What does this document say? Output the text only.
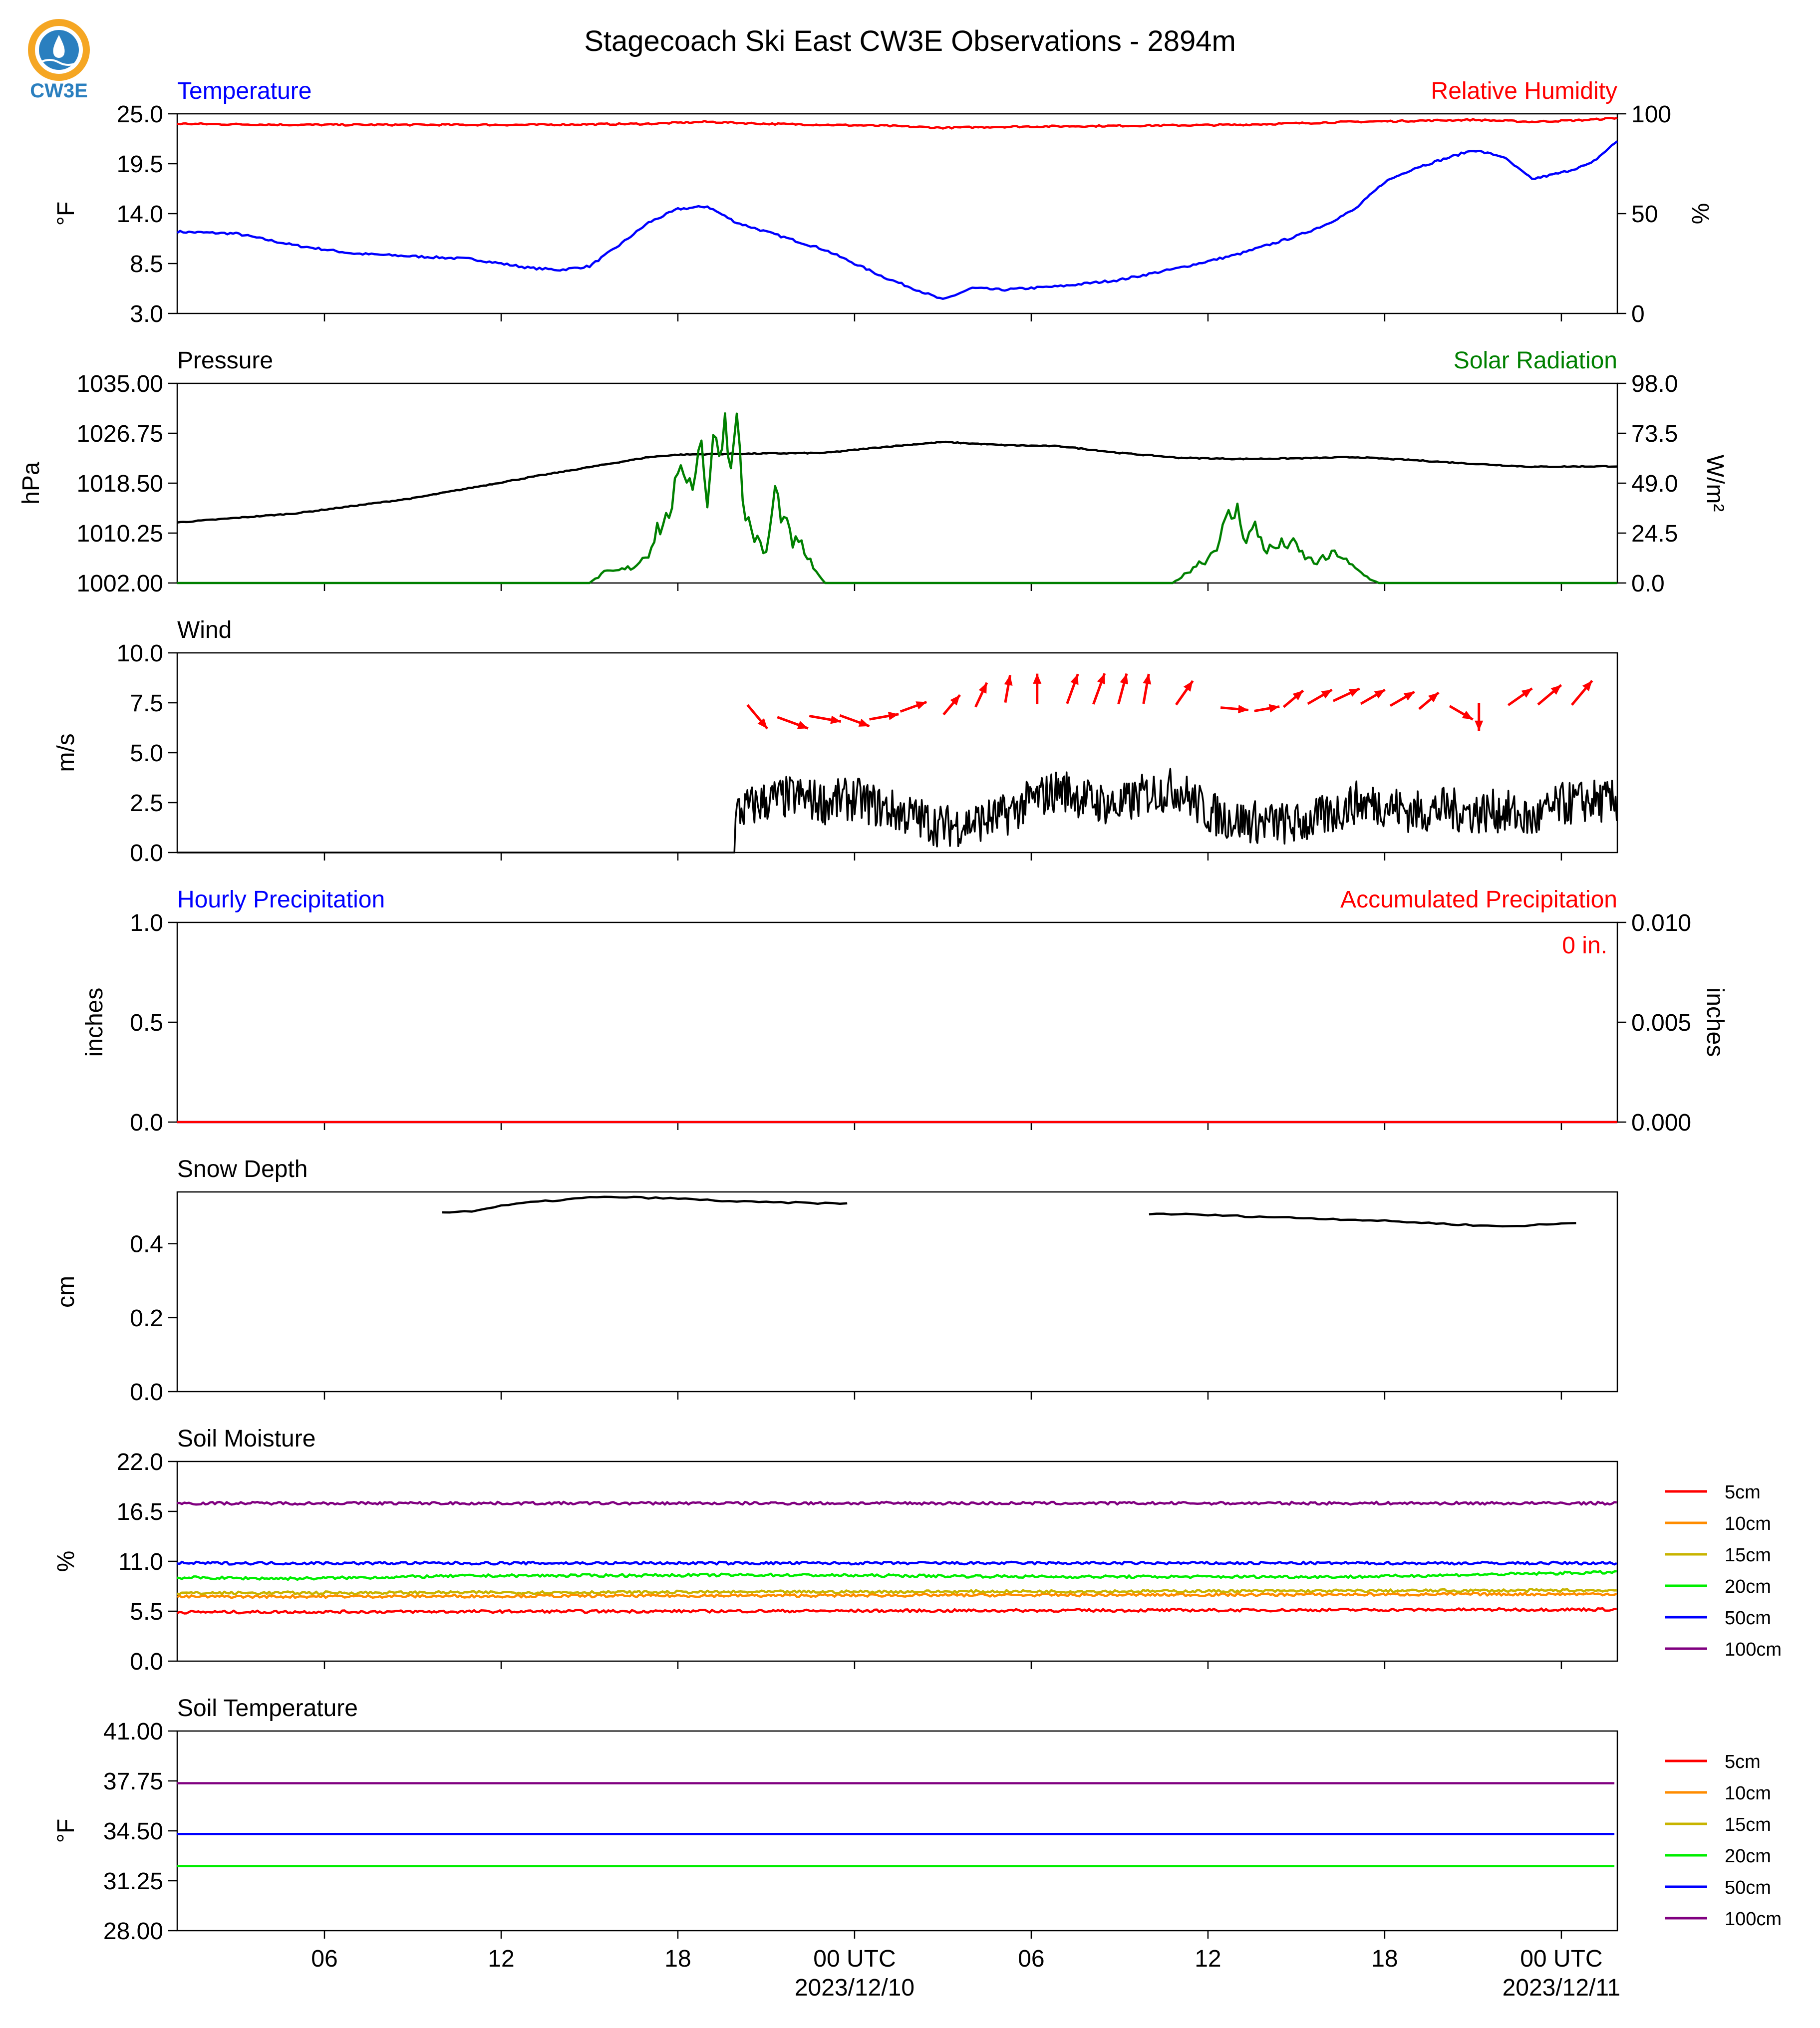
Stagecoach Ski East CW3E Observations - 2894m
CW3E	Temperature	Relative Humidity
25.0
19.5
14.0
8.5
3.0
°F
100
50
0
%
Pressure	Solar Radiation
1035.00
1026.75
1018.50
1010.25
1002.00
hPa
98.0
73.5
49.0
24.5
0.0
W/m²
Wind
10.0
7.5
5.0
2.5
0.0
m/s
Hourly Precipitation	Accumulated Precipitation
1.0
0.5
0.0
inches
0.010
0.005
0.000
inches
0 in.
Snow Depth
0.4
0.2
0.0
cm
Soil Moisture
22.0
16.5
11.0
5.5
0.0
%
5cm
10cm
15cm
20cm
50cm
100cm
Soil Temperature
41.00
37.75
34.50
31.25
28.00
°F
5cm
10cm
15cm
20cm
50cm
100cm
06	12	18	00 UTC
2023/12/10
06	12	18	00 UTC
2023/12/11
